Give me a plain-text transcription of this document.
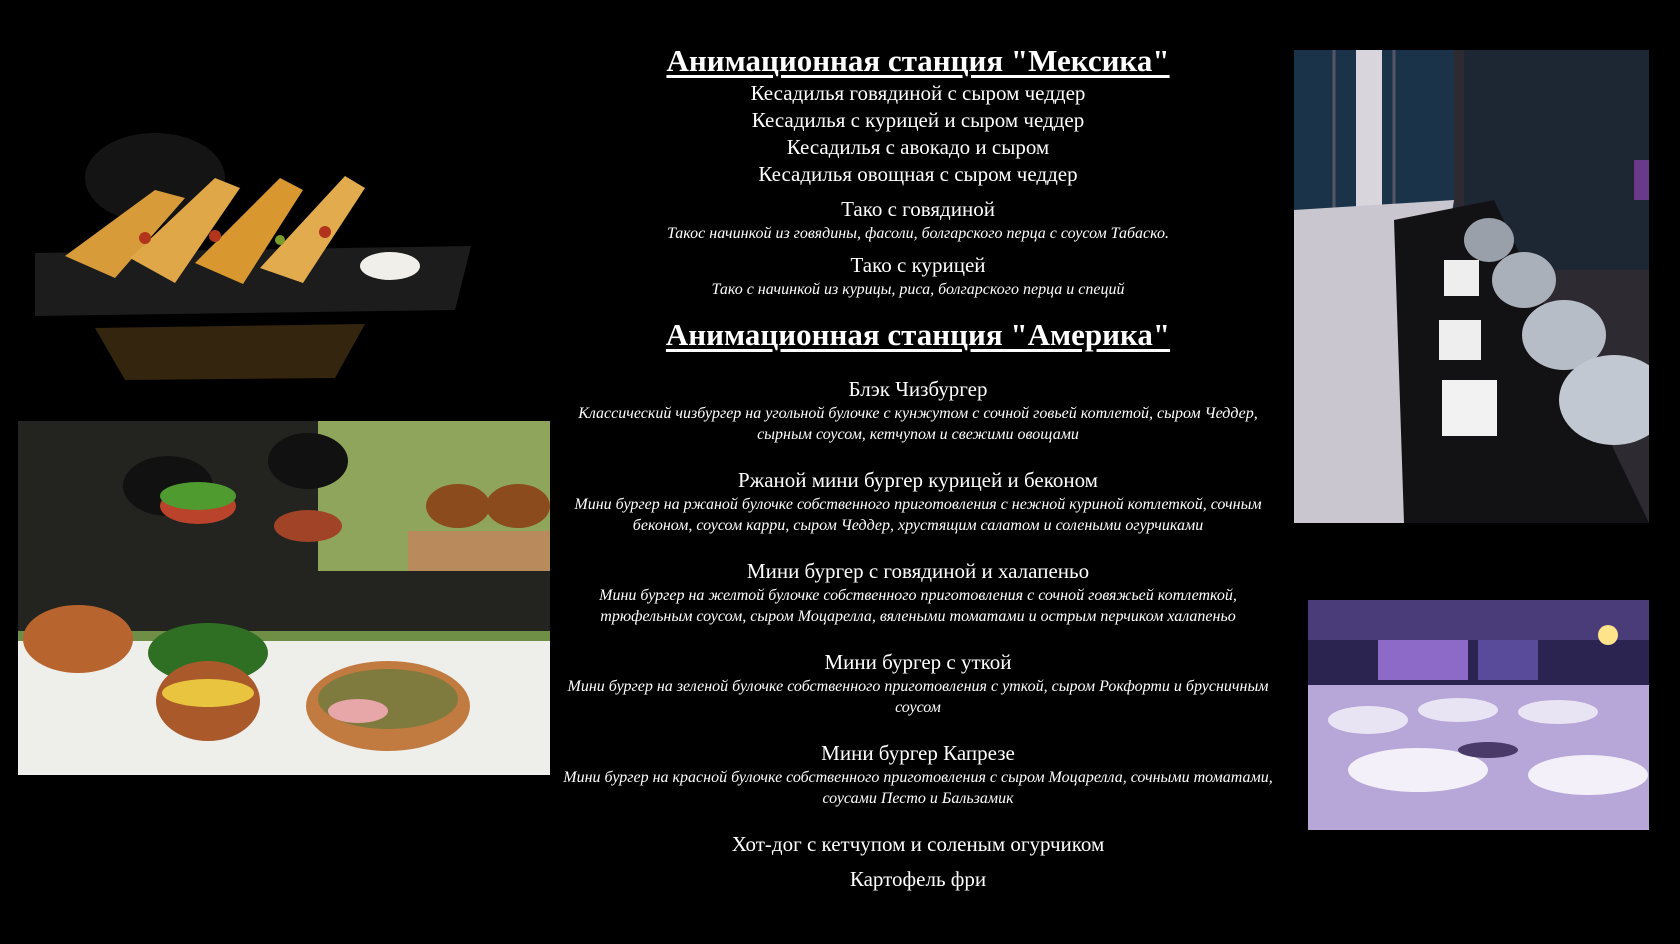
Анимационная станция "Мексика"
Кесадилья говядиной с сыром чеддер
Кесадилья с курицей и сыром чеддер
Кесадилья с авокадо и сыром
Кесадилья овощная с сыром чеддер
Тако с говядиной
Такос начинкой из говядины, фасоли, болгарского перца с соусом Табаско.
Тако с курицей
Тако с начинкой из курицы, риса, болгарского перца и специй
Анимационная станция "Америка"
Блэк Чизбургер
Классический чизбургер на угольной булочке с кунжутом с сочной говьей котлетой, сыром Чеддер, сырным соусом, кетчупом и свежими овощами
Ржаной мини бургер курицей и беконом
Мини бургер на ржаной булочке собственного приготовления с нежной куриной котлеткой, сочным беконом, соусом карри, сыром Чеддер, хрустящим салатом и солеными огурчиками
Мини бургер с говядиной и халапеньо
Мини бургер на желтой булочке собственного приготовления с сочной говяжьей котлеткой, трюфельным соусом, сыром Моцарелла, вялеными томатами и острым перчиком халапеньо
Мини бургер с уткой
Мини бургер на зеленой булочке собственного приготовления с уткой, сыром Рокфорти и брусничным соусом
Мини бургер Капрезе
Мини бургер на красной булочке собственного приготовления с сыром Моцарелла, сочными томатами, соусами Песто и Бальзамик
Хот-дог с кетчупом и соленым огурчиком
Картофель фри
